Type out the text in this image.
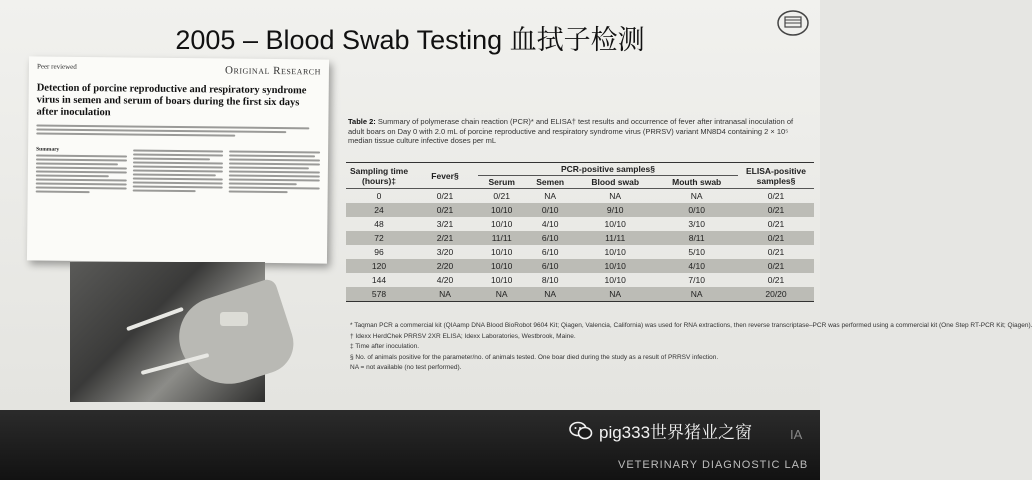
2005 – Blood Swab Testing 血拭子检测
Peer reviewed	Original Research
Detection of porcine reproductive and respiratory syndrome virus in semen and serum of boars during the first six days after inoculation
Summary
Table 2: Summary of polymerase chain reaction (PCR)* and ELISA† test results and occurrence of fever after intranasal inoculation of adult boars on Day 0 with 2.0 mL of porcine reproductive and respiratory syndrome virus (PRRSV) variant MN8D4 containing 2 × 10⁵ median tissue culture infective doses per mL
Sampling time (hours)‡	Fever§	PCR-positive samples§				ELISA-positive samples§
		Serum	Semen	Blood swab	Mouth swab	
0	0/21	0/21	NA	NA	NA	0/21
24	0/21	10/10	0/10	9/10	0/10	0/21
48	3/21	10/10	4/10	10/10	3/10	0/21
72	2/21	11/11	6/10	11/11	8/11	0/21
96	3/20	10/10	6/10	10/10	5/10	0/21
120	2/20	10/10	6/10	10/10	4/10	0/21
144	4/20	10/10	8/10	10/10	7/10	0/21
578	NA	NA	NA	NA	NA	20/20
* Taqman PCR a commercial kit (QIAamp DNA Blood BioRobot 9604 Kit; Qiagen, Valencia, California) was used for RNA extractions, then reverse transcriptase–PCR was performed using a commercial kit (One Step RT-PCR Kit; Qiagen).
† Idexx HerdChek PRRSV 2XR ELISA; Idexx Laboratories, Westbrook, Maine.
‡ Time after inoculation.
§ No. of animals positive for the parameter/no. of animals tested. One boar died during the study as a result of PRRSV infection.
NA = not available (no test performed).
pig333世界猪业之窗
VETERINARY DIAGNOSTIC LAB
IA
